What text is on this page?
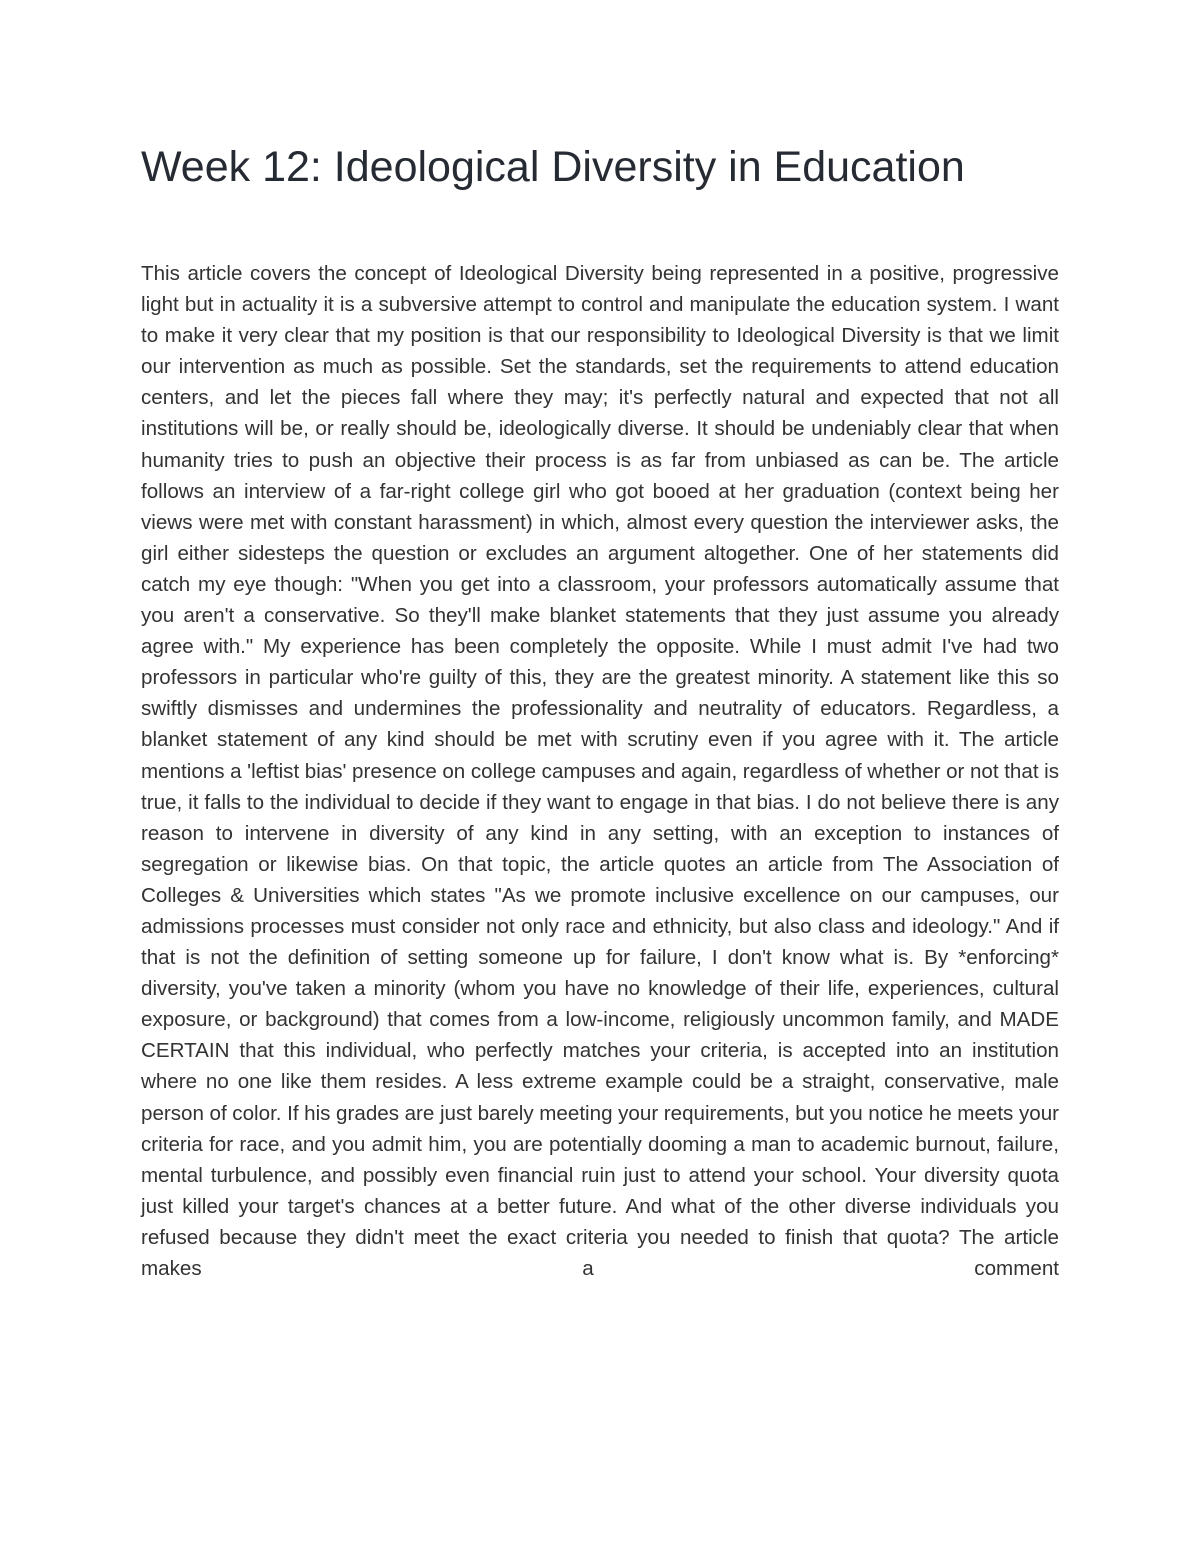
Week 12: Ideological Diversity in Education

This article covers the concept of Ideological Diversity being represented in a positive, progressive light but in actuality it is a subversive attempt to control and manipulate the education system. I want to make it very clear that my position is that our responsibility to Ideological Diversity is that we limit our intervention as much as possible. Set the standards, set the requirements to attend education centers, and let the pieces fall where they may; it's perfectly natural and expected that not all institutions will be, or really should be, ideologically diverse. It should be undeniably clear that when humanity tries to push an objective their process is as far from unbiased as can be. The article follows an interview of a far-right college girl who got booed at her graduation (context being her views were met with constant harassment) in which, almost every question the interviewer asks, the girl either sidesteps the question or excludes an argument altogether. One of her statements did catch my eye though: "When you get into a classroom, your professors automatically assume that you aren't a conservative. So they'll make blanket statements that they just assume you already agree with." My experience has been completely the opposite. While I must admit I've had two professors in particular who're guilty of this, they are the greatest minority. A statement like this so swiftly dismisses and undermines the professionality and neutrality of educators. Regardless, a blanket statement of any kind should be met with scrutiny even if you agree with it. The article mentions a 'leftist bias' presence on college campuses and again, regardless of whether or not that is true, it falls to the individual to decide if they want to engage in that bias. I do not believe there is any reason to intervene in diversity of any kind in any setting, with an exception to instances of segregation or likewise bias. On that topic, the article quotes an article from The Association of Colleges & Universities which states "As we promote inclusive excellence on our campuses, our admissions processes must consider not only race and ethnicity, but also class and ideology." And if that is not the definition of setting someone up for failure, I don't know what is. By *enforcing* diversity, you've taken a minority (whom you have no knowledge of their life, experiences, cultural exposure, or background) that comes from a low-income, religiously uncommon family, and MADE CERTAIN that this individual, who perfectly matches your criteria, is accepted into an institution where no one like them resides. A less extreme example could be a straight, conservative, male person of color. If his grades are just barely meeting your requirements, but you notice he meets your criteria for race, and you admit him, you are potentially dooming a man to academic burnout, failure, mental turbulence, and possibly even financial ruin just to attend your school. Your diversity quota just killed your target's chances at a better future. And what of the other diverse individuals you refused because they didn't meet the exact criteria you needed to finish that quota? The article makes a comment
